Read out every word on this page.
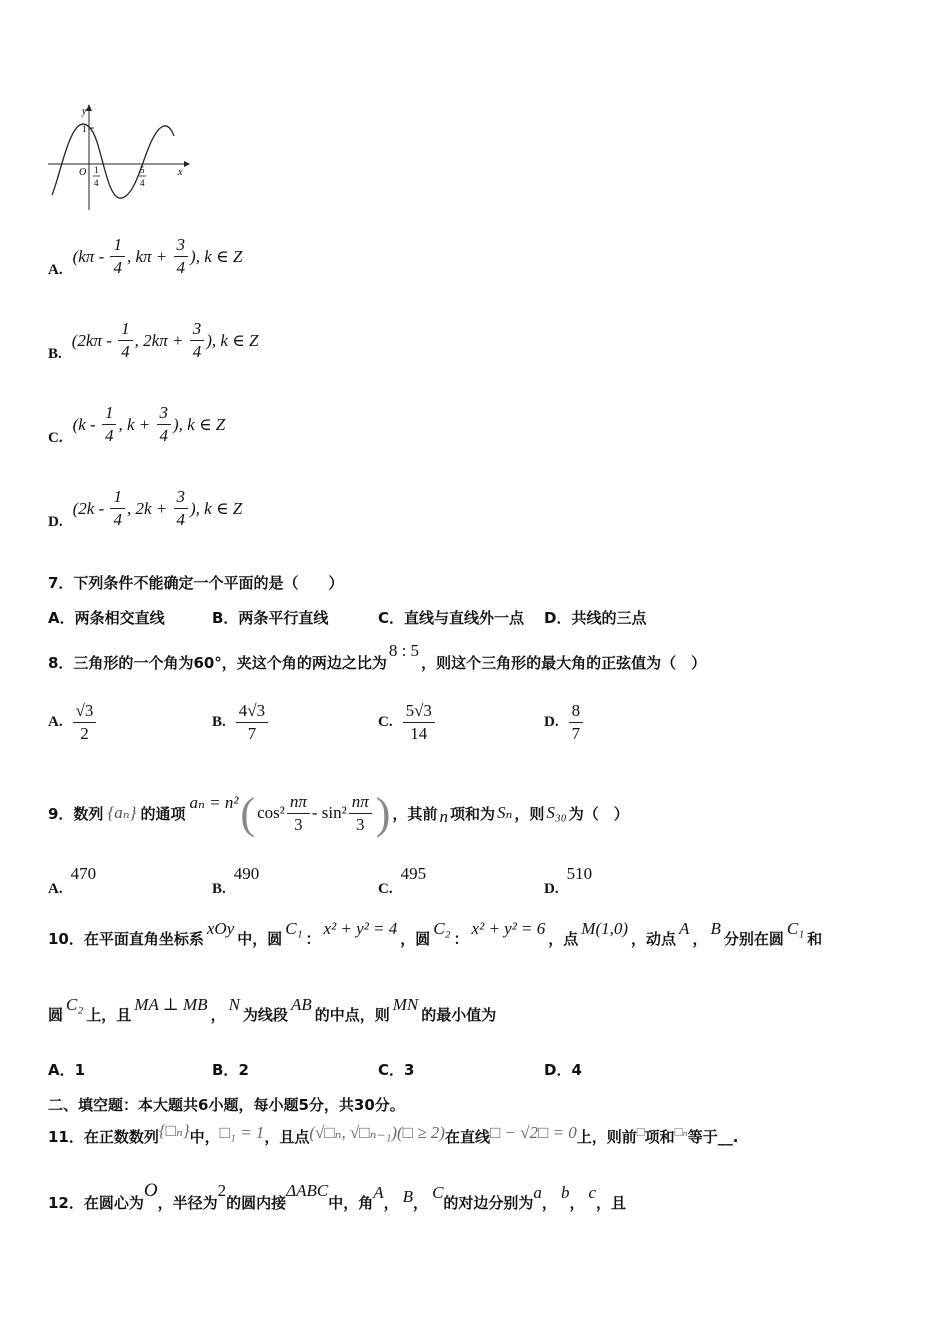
y
x
O
1
1
4
5
4
A.
($k\pi - \frac{1}{4}$ , $k\pi + \frac{3}{4}$ ), k ∈ Z
B.
($2k\pi - \frac{1}{4}$ , $2k\pi + \frac{3}{4}$ ), k ∈ Z
C.
($k - \frac{1}{4}$ , $k + \frac{3}{4}$ ), k ∈ Z
D.
($2k - \frac{1}{4}$ , $2k + \frac{3}{4}$ ), k ∈ Z
7．下列条件不能确定一个平面的是（　　）
A．两条相交直线	B．两条平行直线	C．直线与直线外一点 D．共线的三点
8．三角形的一个角为60°，夹这个角的两边之比为8 : 5，则这个三角形的最大角的正弦值为（　）
A. $\frac{√3}{2}$	B. $\frac{4√3}{7}$	C. $\frac{5√3}{14}$	D. $\frac{8}{7}$
9．数列 {aₙ} 的通项
aₙ = n² ( $\cos^2 \frac{n\pi}{3} - \sin^2 \frac{n\pi}{3}$ ) ，其前 n 项和为 Sₙ ，则 S₃₀ 为（　）
A.470
B.490
C.495
D.510
10．在平面直角坐标系xOy中，圆C₁：x² + y² = 4，圆C₂：x² + y² = 6，点M(1,0)，动点A，B分别在圆C₁和
圆C₂上，且MA ⊥ MB，N为线段AB的中点，则MN的最小值为
A．1	B．2	C．3	D．4
二、填空题：本大题共6小题，每小题5分，共30分。
11．在正数数列{□ₙ}中，□₁ = 1，且点(√□ₙ, √□ₙ₋₁)(□ ≥ 2)在直线□ − √2□ = 0上，则前□项和□ₙ等于__.
12．在圆心为O，半径为2的圆内接ΔABC中，角A， B，C的对边分别为a，b，c，且
